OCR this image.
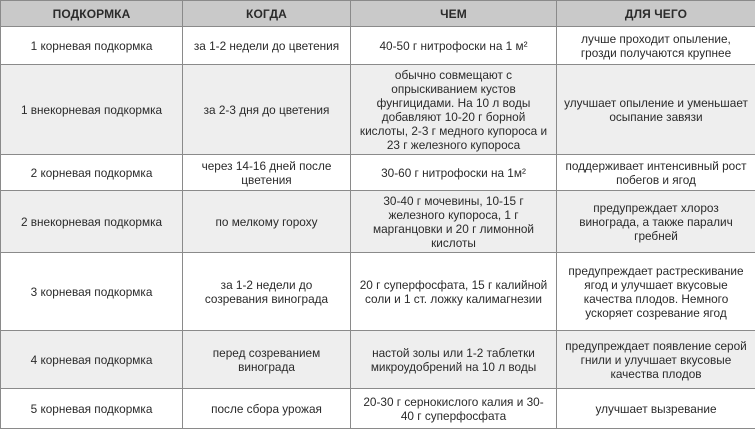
ПОДКОРМКА	КОГДА	ЧЕМ	ДЛЯ ЧЕГО
1 корневая подкормка	за 1-2 недели до цветения	40-50 г нитрофоски на 1 м²	лучше проходит опыление, грозди получаются крупнее
1 внекорневая подкормка	за 2-3 дня до цветения	обычно совмещают с опрыскиванием кустов фунгицидами. На 10 л воды добавляют 10-20 г борной кислоты, 2-3 г медного купороса и 23 г железного купороса	улучшает опыление и уменьшает осыпание завязи
2 корневая подкормка	через 14-16 дней после цветения	30-60 г нитрофоски на 1м²	поддерживает интенсивный рост побегов и ягод
2 внекорневая подкормка	по мелкому гороху	30-40 г мочевины, 10-15 г железного купороса, 1 г марганцовки и 20 г лимонной кислоты	предупреждает хлороз винограда, а также паралич гребней
3 корневая подкормка	за 1-2 недели до созревания винограда	20 г суперфосфата, 15 г калийной соли и 1 ст. ложку калимагнезии	предупреждает растрескивание ягод и улучшает вкусовые качества плодов. Немного ускоряет созревание ягод
4 корневая подкормка	перед созреванием винограда	настой золы или 1-2 таблетки микроудобрений на 10 л воды	предупреждает появление серой гнили и улучшает вкусовые качества плодов
5 корневая подкормка	после сбора урожая	20-30 г сернокислого калия и 30-40 г суперфосфата	улучшает вызревание
